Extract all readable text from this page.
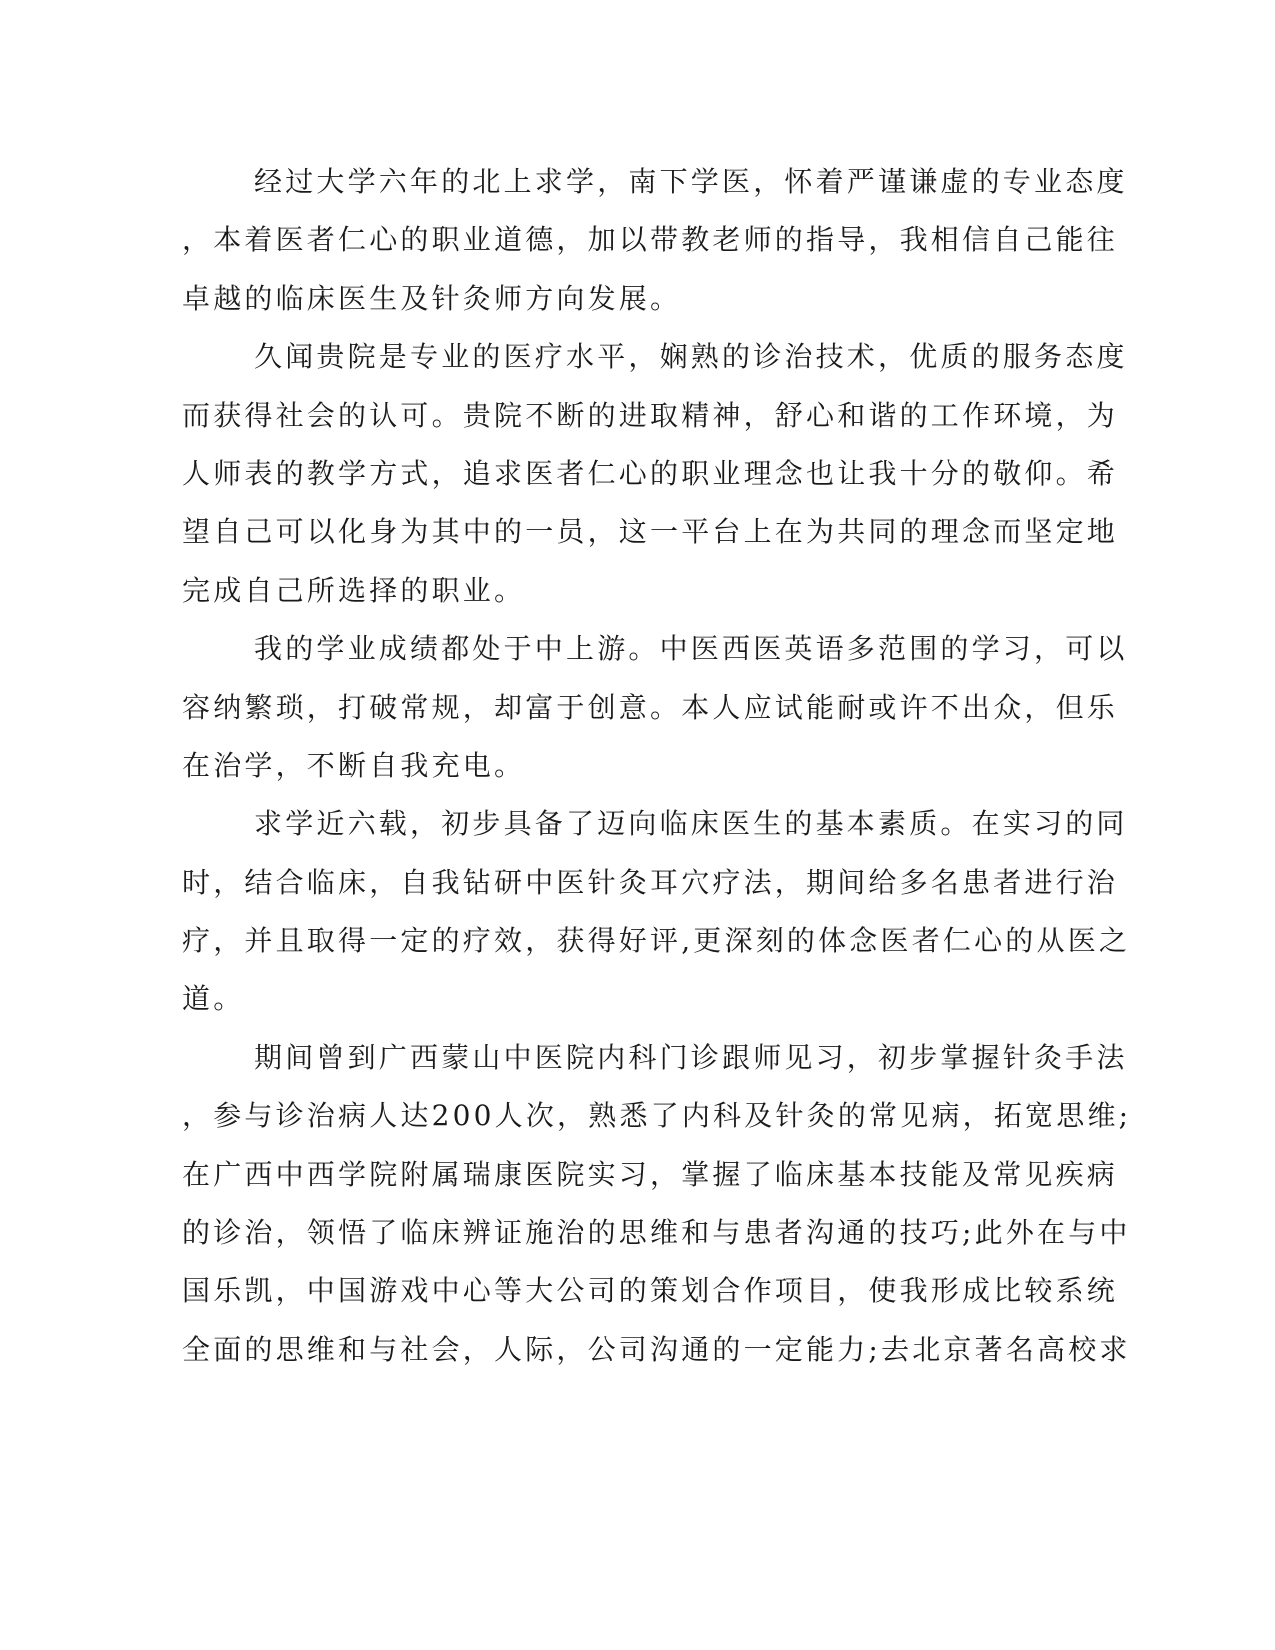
经过大学六年的北上求学，南下学医，怀着严谨谦虚的专业态度
，本着医者仁心的职业道德，加以带教老师的指导，我相信自己能往
卓越的临床医生及针灸师方向发展。
久闻贵院是专业的医疗水平，娴熟的诊治技术，优质的服务态度
而获得社会的认可。贵院不断的进取精神，舒心和谐的工作环境，为
人师表的教学方式，追求医者仁心的职业理念也让我十分的敬仰。希
望自己可以化身为其中的一员，这一平台上在为共同的理念而坚定地
完成自己所选择的职业。
我的学业成绩都处于中上游。中医西医英语多范围的学习，可以
容纳繁琐，打破常规，却富于创意。本人应试能耐或许不出众，但乐
在治学，不断自我充电。
求学近六载，初步具备了迈向临床医生的基本素质。在实习的同
时，结合临床，自我钻研中医针灸耳穴疗法，期间给多名患者进行治
疗，并且取得一定的疗效，获得好评,更深刻的体念医者仁心的从医之
道。
期间曾到广西蒙山中医院内科门诊跟师见习，初步掌握针灸手法
，参与诊治病人达200人次，熟悉了内科及针灸的常见病，拓宽思维;
在广西中西学院附属瑞康医院实习，掌握了临床基本技能及常见疾病
的诊治，领悟了临床辨证施治的思维和与患者沟通的技巧;此外在与中
国乐凯，中国游戏中心等大公司的策划合作项目，使我形成比较系统
全面的思维和与社会，人际，公司沟通的一定能力;去北京著名高校求
